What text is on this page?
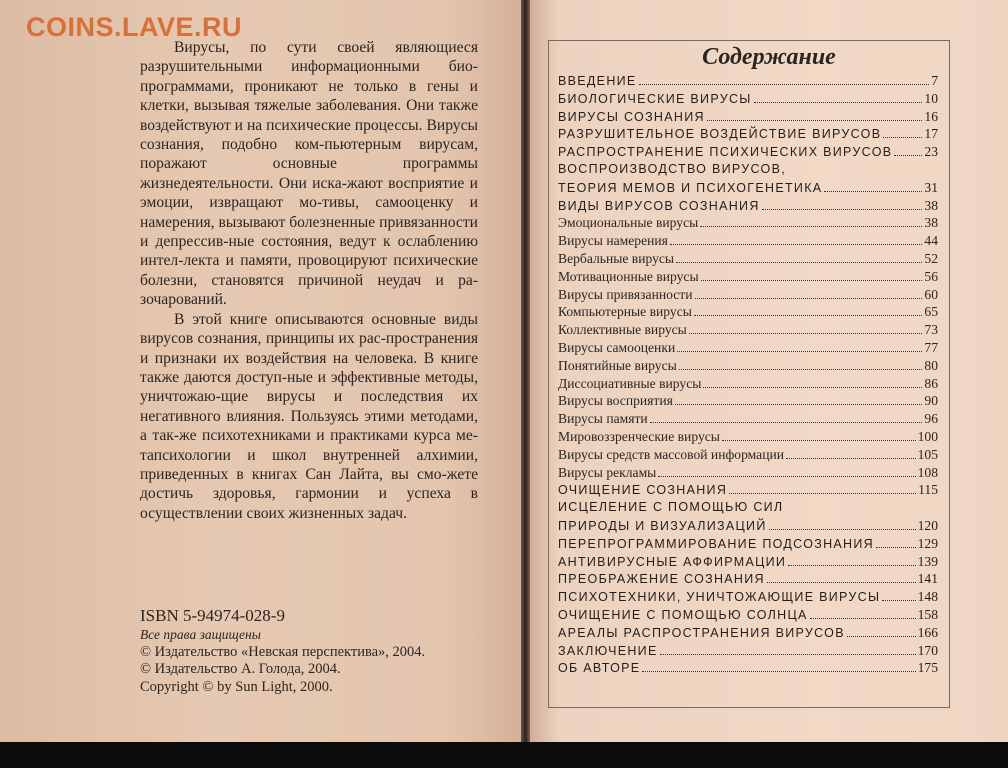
COINS.LAVE.RU

Вирусы, по сути своей являющиеся разрушительными информационными био-программами, проникают не только в гены и клетки, вызывая тяжелые заболевания. Они также воздействуют и на психические процессы. Вирусы сознания, подобно ком-пьютерным вирусам, поражают основные программы жизнедеятельности. Они иска-жают восприятие и эмоции, извращают мо-тивы, самооценку и намерения, вызывают болезненные привязанности и депрессив-ные состояния, ведут к ослаблению интел-лекта и памяти, провоцируют психические болезни, становятся причиной неудач и ра-зочарований.

В этой книге описываются основные виды вирусов сознания, принципы их рас-пространения и признаки их воздействия на человека. В книге также даются доступ-ные и эффективные методы, уничтожаю-щие вирусы и последствия их негативного влияния. Пользуясь этими методами, а так-же психотехниками и практиками курса ме-тапсихологии и школ внутренней алхимии, приведенных в книгах Сан Лайта, вы смо-жете достичь здоровья, гармонии и успеха в осуществлении своих жизненных задач.

ISBN 5-94974-028-9
Все права защищены
© Издательство «Невская перспектива», 2004.
© Издательство А. Голода, 2004.
Copyright © by Sun Light, 2000.
Содержание
ВВЕДЕНИЕ	7
БИОЛОГИЧЕСКИЕ ВИРУСЫ	10
ВИРУСЫ СОЗНАНИЯ	16
РАЗРУШИТЕЛЬНОЕ ВОЗДЕЙСТВИЕ ВИРУСОВ	17
РАСПРОСТРАНЕНИЕ ПСИХИЧЕСКИХ ВИРУСОВ 23
ВОСПРОИЗВОДСТВО ВИРУСОВ,
ТЕОРИЯ МЕМОВ И ПСИХОГЕНЕТИКА	31
ВИДЫ ВИРУСОВ СОЗНАНИЯ	38
Эмоциональные вирусы	38
Вирусы намерения	44
Вербальные вирусы	52
Мотивационные вирусы	56
Вирусы привязанности	60
Компьютерные вирусы	65
Коллективные вирусы	73
Вирусы самооценки	77
Понятийные вирусы	80
Диссоциативные вирусы	86
Вирусы восприятия	90
Вирусы памяти	96
Мировоззренческие вирусы	100
Вирусы средств массовой информации	105
Вирусы рекламы	108
ОЧИЩЕНИЕ СОЗНАНИЯ	115
ИСЦЕЛЕНИЕ С ПОМОЩЬЮ СИЛ
ПРИРОДЫ И ВИЗУАЛИЗАЦИЙ	120
ПЕРЕПРОГРАММИРОВАНИЕ ПОДСОЗНАНИЯ	129
АНТИВИРУСНЫЕ АФФИРМАЦИИ	139
ПРЕОБРАЖЕНИЕ СОЗНАНИЯ	141
ПСИХОТЕХНИКИ, УНИЧТОЖАЮЩИЕ ВИРУСЫ	148
ОЧИЩЕНИЕ С ПОМОЩЬЮ СОЛНЦА	158
АРЕАЛЫ РАСПРОСТРАНЕНИЯ ВИРУСОВ	166
ЗАКЛЮЧЕНИЕ	170
ОБ АВТОРЕ	175
